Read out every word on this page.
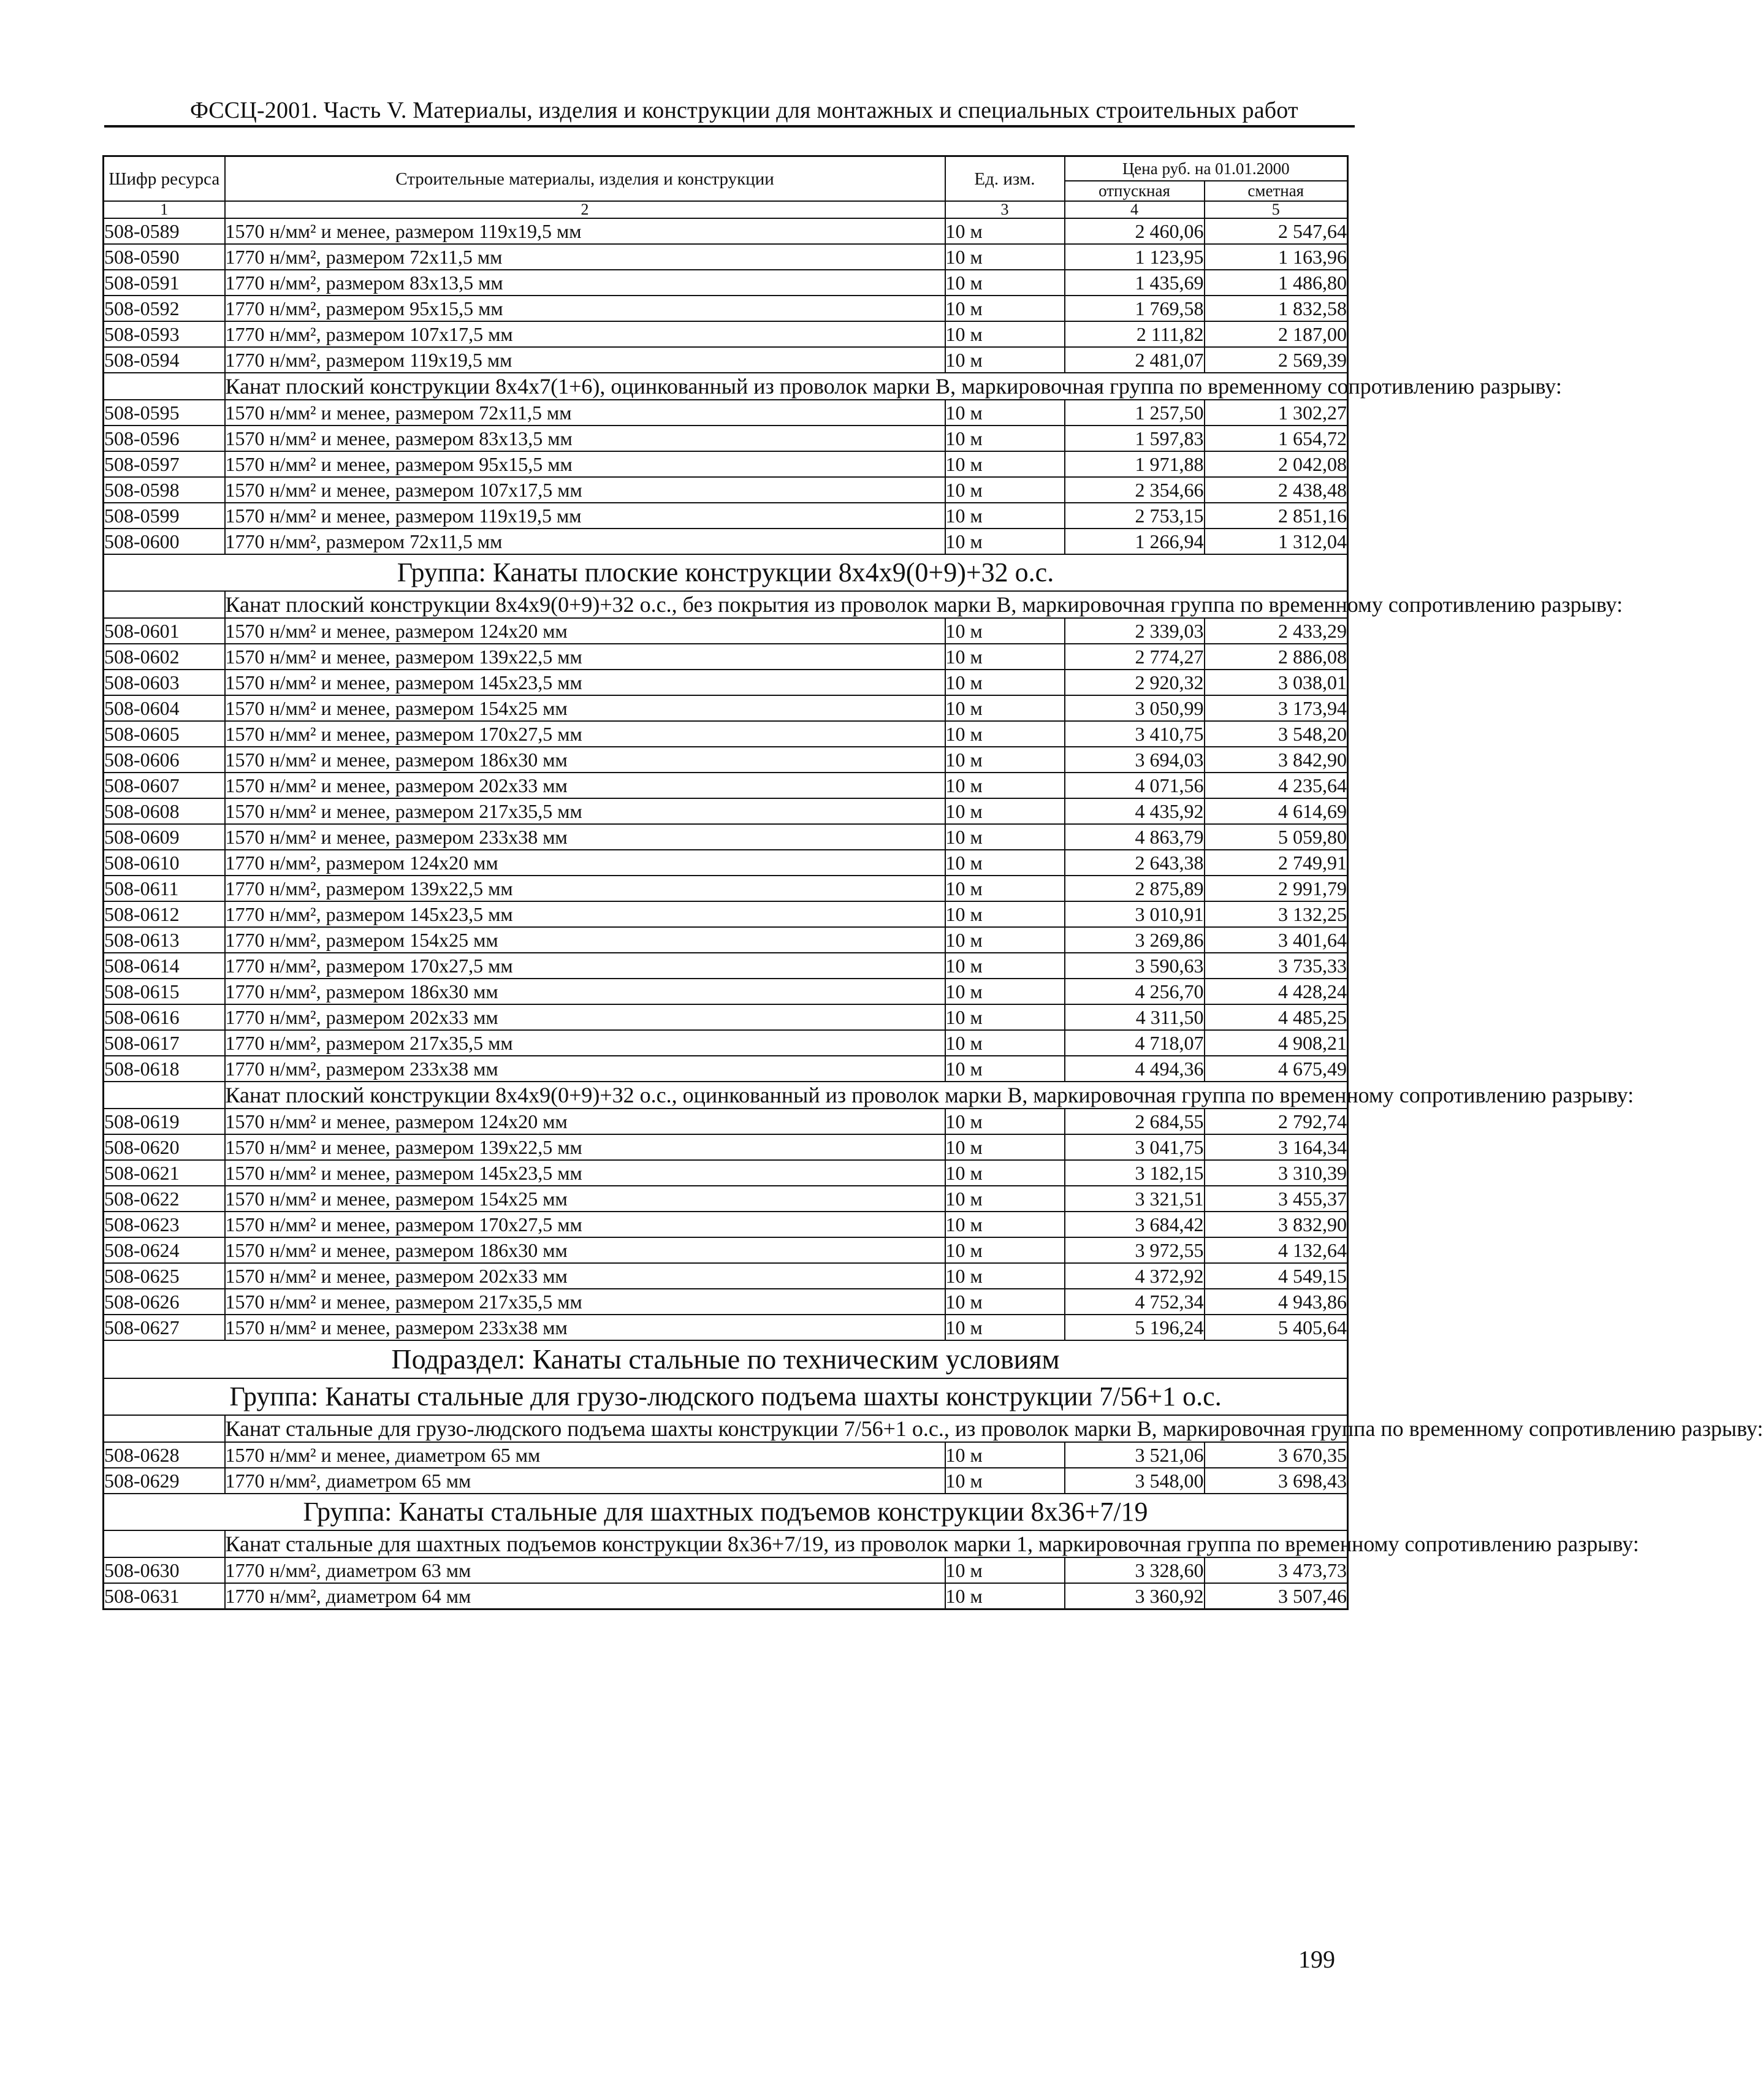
ФССЦ-2001. Часть V. Материалы, изделия и конструкции для монтажных и специальных строительных работ
Шифр ресурса	Строительные материалы, изделия и конструкции	Ед. изм.	Цена руб. на 01.01.2000	
			отпускная	сметная
1	2	3	4	5
508-0589	1570 н/мм² и менее, размером 119х19,5 мм	10 м	2 460,06	2 547,64
508-0590	1770 н/мм², размером 72х11,5 мм	10 м	1 123,95	1 163,96
508-0591	1770 н/мм², размером 83х13,5 мм	10 м	1 435,69	1 486,80
508-0592	1770 н/мм², размером 95х15,5 мм	10 м	1 769,58	1 832,58
508-0593	1770 н/мм², размером 107х17,5 мм	10 м	2 111,82	2 187,00
508-0594	1770 н/мм², размером 119х19,5 мм	10 м	2 481,07	2 569,39
	Канат плоский конструкции 8х4х7(1+6), оцинкованный из проволок марки В, маркировочная группа по временному сопротивлению разрыву:			
508-0595	1570 н/мм² и менее, размером 72х11,5 мм	10 м	1 257,50	1 302,27
508-0596	1570 н/мм² и менее, размером 83х13,5 мм	10 м	1 597,83	1 654,72
508-0597	1570 н/мм² и менее, размером 95х15,5 мм	10 м	1 971,88	2 042,08
508-0598	1570 н/мм² и менее, размером 107х17,5 мм	10 м	2 354,66	2 438,48
508-0599	1570 н/мм² и менее, размером 119х19,5 мм	10 м	2 753,15	2 851,16
508-0600	1770 н/мм², размером 72х11,5 мм	10 м	1 266,94	1 312,04
Группа: Канаты плоские конструкции 8х4х9(0+9)+32 о.с.				
	Канат плоский конструкции 8х4х9(0+9)+32 о.с., без покрытия из проволок марки В, маркировочная группа по временному сопротивлению разрыву:			
508-0601	1570 н/мм² и менее, размером 124х20 мм	10 м	2 339,03	2 433,29
508-0602	1570 н/мм² и менее, размером 139х22,5 мм	10 м	2 774,27	2 886,08
508-0603	1570 н/мм² и менее, размером 145х23,5 мм	10 м	2 920,32	3 038,01
508-0604	1570 н/мм² и менее, размером 154х25 мм	10 м	3 050,99	3 173,94
508-0605	1570 н/мм² и менее, размером 170х27,5 мм	10 м	3 410,75	3 548,20
508-0606	1570 н/мм² и менее, размером 186х30 мм	10 м	3 694,03	3 842,90
508-0607	1570 н/мм² и менее, размером 202х33 мм	10 м	4 071,56	4 235,64
508-0608	1570 н/мм² и менее, размером 217х35,5 мм	10 м	4 435,92	4 614,69
508-0609	1570 н/мм² и менее, размером 233х38 мм	10 м	4 863,79	5 059,80
508-0610	1770 н/мм², размером 124х20 мм	10 м	2 643,38	2 749,91
508-0611	1770 н/мм², размером 139х22,5 мм	10 м	2 875,89	2 991,79
508-0612	1770 н/мм², размером 145х23,5 мм	10 м	3 010,91	3 132,25
508-0613	1770 н/мм², размером 154х25 мм	10 м	3 269,86	3 401,64
508-0614	1770 н/мм², размером 170х27,5 мм	10 м	3 590,63	3 735,33
508-0615	1770 н/мм², размером 186х30 мм	10 м	4 256,70	4 428,24
508-0616	1770 н/мм², размером 202х33 мм	10 м	4 311,50	4 485,25
508-0617	1770 н/мм², размером 217х35,5 мм	10 м	4 718,07	4 908,21
508-0618	1770 н/мм², размером 233х38 мм	10 м	4 494,36	4 675,49
	Канат плоский конструкции 8х4х9(0+9)+32 о.с., оцинкованный из проволок марки В, маркировочная группа по временному сопротивлению разрыву:			
508-0619	1570 н/мм² и менее, размером 124х20 мм	10 м	2 684,55	2 792,74
508-0620	1570 н/мм² и менее, размером 139х22,5 мм	10 м	3 041,75	3 164,34
508-0621	1570 н/мм² и менее, размером 145х23,5 мм	10 м	3 182,15	3 310,39
508-0622	1570 н/мм² и менее, размером 154х25 мм	10 м	3 321,51	3 455,37
508-0623	1570 н/мм² и менее, размером 170х27,5 мм	10 м	3 684,42	3 832,90
508-0624	1570 н/мм² и менее, размером 186х30 мм	10 м	3 972,55	4 132,64
508-0625	1570 н/мм² и менее, размером 202х33 мм	10 м	4 372,92	4 549,15
508-0626	1570 н/мм² и менее, размером 217х35,5 мм	10 м	4 752,34	4 943,86
508-0627	1570 н/мм² и менее, размером 233х38 мм	10 м	5 196,24	5 405,64
Подраздел: Канаты стальные по техническим условиям				
Группа: Канаты стальные для грузо-людского подъема шахты конструкции 7/56+1 о.с.				
	Канат стальные для грузо-людского подъема шахты конструкции 7/56+1 о.с., из проволок марки В, маркировочная группа по временному сопротивлению разрыву:			
508-0628	1570 н/мм² и менее, диаметром 65 мм	10 м	3 521,06	3 670,35
508-0629	1770 н/мм², диаметром 65 мм	10 м	3 548,00	3 698,43
Группа: Канаты стальные для шахтных подъемов конструкции 8х36+7/19				
	Канат стальные для шахтных подъемов конструкции 8х36+7/19, из проволок марки 1, маркировочная группа по временному сопротивлению разрыву:			
508-0630	1770 н/мм², диаметром 63 мм	10 м	3 328,60	3 473,73
508-0631	1770 н/мм², диаметром 64 мм	10 м	3 360,92	3 507,46
199
